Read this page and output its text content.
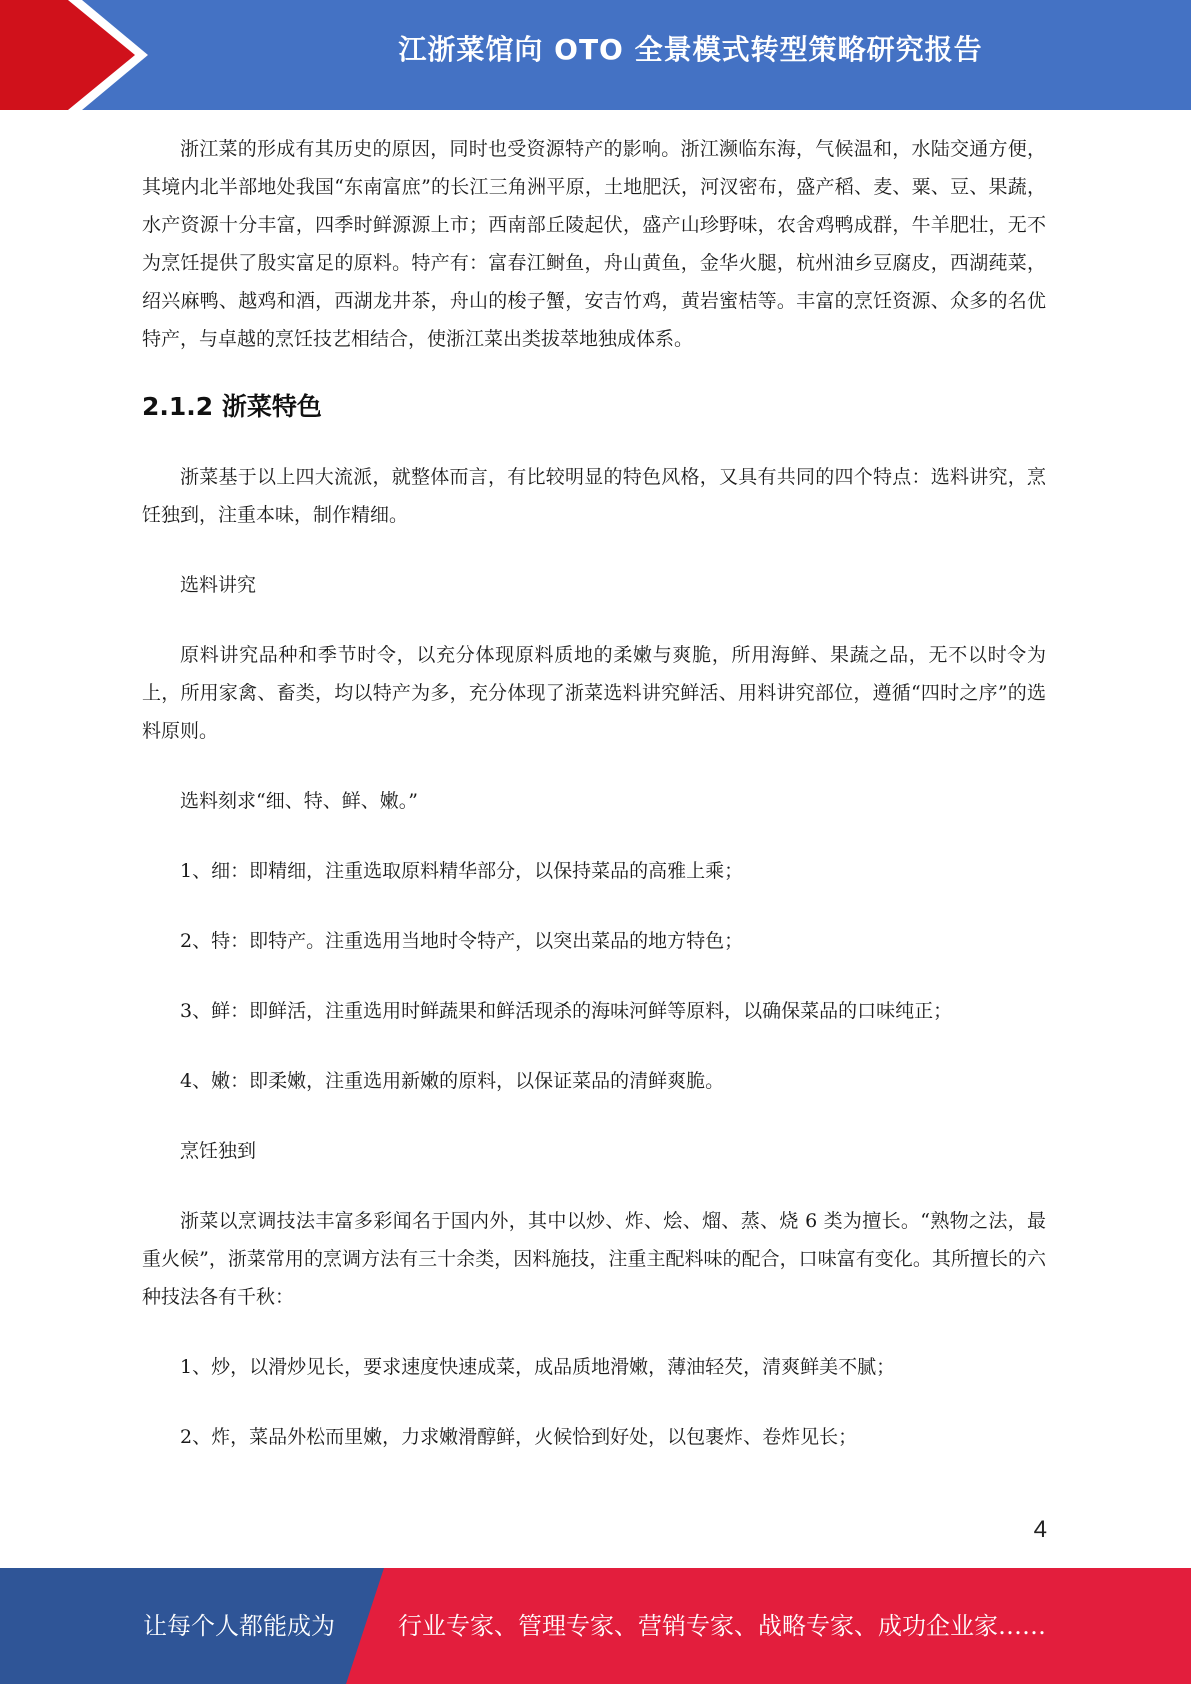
江浙菜馆向 OTO 全景模式转型策略研究报告

浙江菜的形成有其历史的原因，同时也受资源特产的影响。浙江濒临东海，气候温和，水陆交通方便，其境内北半部地处我国“东南富庶”的长江三角洲平原，土地肥沃，河汊密布，盛产稻、麦、粟、豆、果蔬，水产资源十分丰富，四季时鲜源源上市；西南部丘陵起伏，盛产山珍野味，农舍鸡鸭成群，牛羊肥壮，无不为烹饪提供了殷实富足的原料。特产有：富春江鲥鱼，舟山黄鱼，金华火腿，杭州油乡豆腐皮，西湖莼菜，绍兴麻鸭、越鸡和酒，西湖龙井茶，舟山的梭子蟹，安吉竹鸡，黄岩蜜桔等。丰富的烹饪资源、众多的名优特产，与卓越的烹饪技艺相结合，使浙江菜出类拔萃地独成体系。

2.1.2 浙菜特色

浙菜基于以上四大流派，就整体而言，有比较明显的特色风格，又具有共同的四个特点：选料讲究，烹饪独到，注重本味，制作精细。

选料讲究

原料讲究品种和季节时令，以充分体现原料质地的柔嫩与爽脆，所用海鲜、果蔬之品，无不以时令为上，所用家禽、畜类，均以特产为多，充分体现了浙菜选料讲究鲜活、用料讲究部位，遵循“四时之序”的选料原则。

选料刻求“细、特、鲜、嫩。”

1、细：即精细，注重选取原料精华部分，以保持菜品的高雅上乘；

2、特：即特产。注重选用当地时令特产，以突出菜品的地方特色；

3、鲜：即鲜活，注重选用时鲜蔬果和鲜活现杀的海味河鲜等原料，以确保菜品的口味纯正；

4、嫩：即柔嫩，注重选用新嫩的原料，以保证菜品的清鲜爽脆。

烹饪独到

浙菜以烹调技法丰富多彩闻名于国内外，其中以炒、炸、烩、熘、蒸、烧 6 类为擅长。“熟物之法，最重火候”，浙菜常用的烹调方法有三十余类，因料施技，注重主配料味的配合，口味富有变化。其所擅长的六种技法各有千秋：

1、炒，以滑炒见长，要求速度快速成菜，成品质地滑嫩，薄油轻芡，清爽鲜美不腻；

2、炸，菜品外松而里嫩，力求嫩滑醇鲜，火候恰到好处，以包裹炸、卷炸见长；

4
让每个人都能成为	行业专家、管理专家、营销专家、战略专家、成功企业家……
